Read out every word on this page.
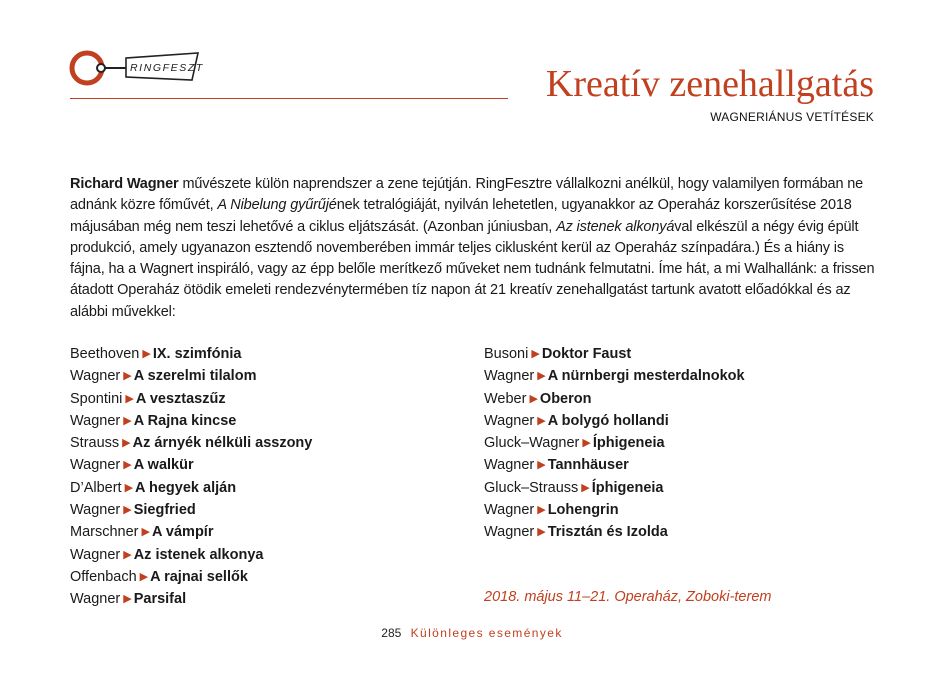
RINGFESZT	Kreatív zenehallgatás
WAGNERIÁNUS VETÍTÉSEK

Richard Wagner művészete külön naprendszer a zene tejútján. RingFesztre vállalkozni anélkül, hogy valamilyen formában ne adnánk közre főművét, A Nibelung gyűrűjének tetralógiáját, nyilván lehetetlen, ugyanakkor az Operaház korszerűsítése 2018 májusában még nem teszi lehetővé a ciklus eljátszását. (Azonban júniusban, Az istenek alkonyával elkészül a négy évig épült produkció, amely ugyanazon esztendő novemberében immár teljes ciklusként kerül az Operaház színpadára.) És a hiány is fájna, ha a Wagnert inspiráló, vagy az épp belőle merítkező műveket nem tudnánk felmutatni. Íme hát, a mi Walhallánk: a frissen átadott Operaház ötödik emeleti rendezvénytermében tíz napon át 21 kreatív zenehallgatást tartunk avatott előadókkal és az alábbi művekkel:

Beethoven ▶ IX. szimfónia
Wagner ▶ A szerelmi tilalom
Spontini ▶ A vesztaszűz
Wagner ▶ A Rajna kincse
Strauss ▶ Az árnyék nélküli asszony
Wagner ▶ A walkür
D’Albert ▶ A hegyek alján
Wagner ▶ Siegfried
Marschner ▶ A vámpír
Wagner ▶ Az istenek alkonya
Offenbach ▶ A rajnai sellők
Wagner ▶ Parsifal
Busoni ▶ Doktor Faust
Wagner ▶ A nürnbergi mesterdalnokok
Weber ▶ Oberon
Wagner ▶ A bolygó hollandi
Gluck–Wagner ▶ Íphigeneia
Wagner ▶ Tannhäuser
Gluck–Strauss ▶ Íphigeneia
Wagner ▶ Lohengrin
Wagner ▶ Trisztán és Izolda
2018. május 11–21. Operaház, Zoboki-terem
285 Különleges események
